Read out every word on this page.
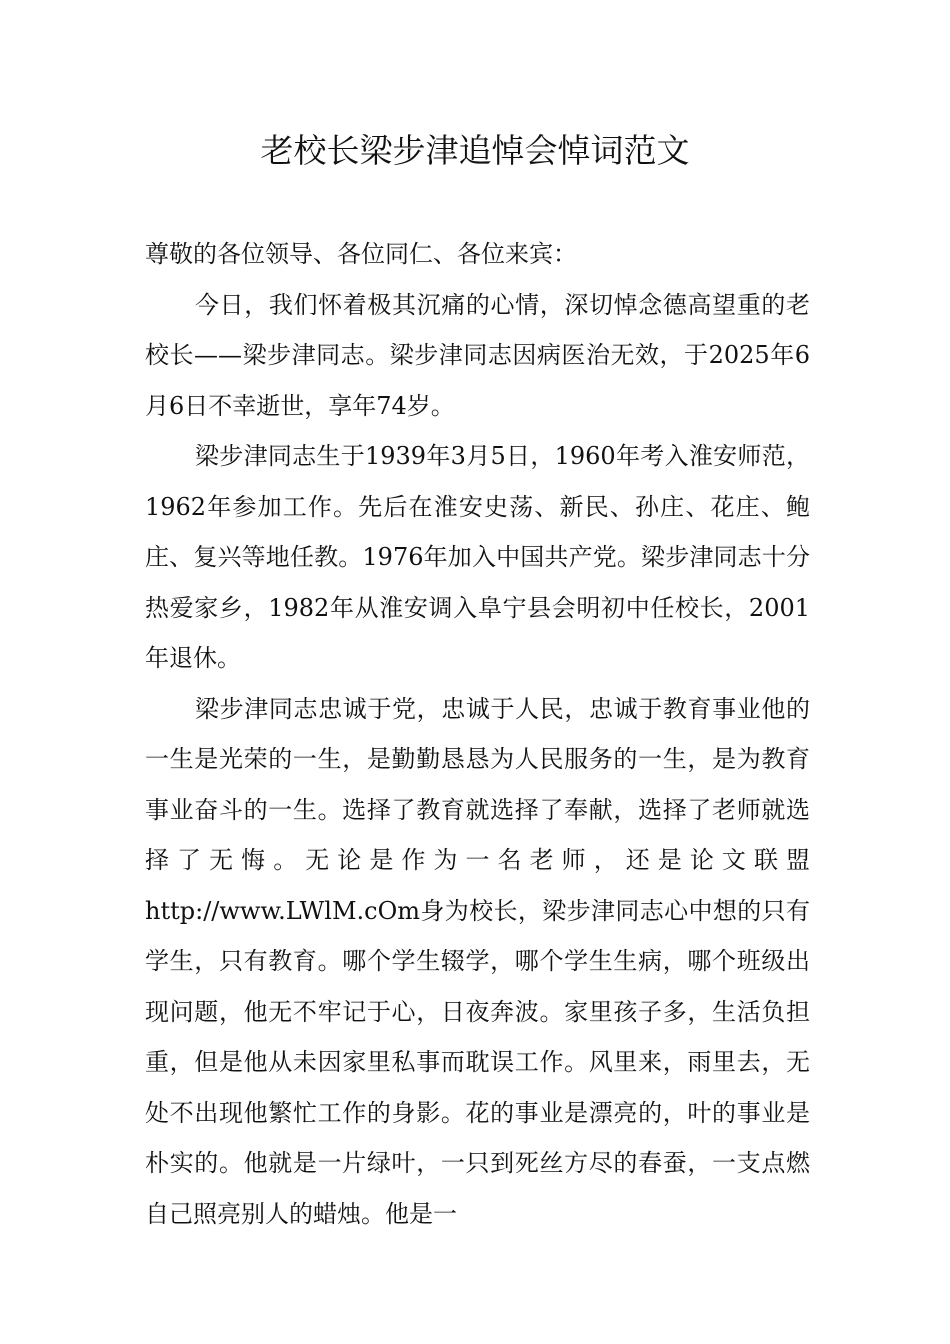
老校长梁步津追悼会悼词范文

尊敬的各位领导、各位同仁、各位来宾：

今日，我们怀着极其沉痛的心情，深切悼念德高望重的老校长——梁步津同志。梁步津同志因病医治无效，于2025年6月6日不幸逝世，享年74岁。

梁步津同志生于1939年3月5日，1960年考入淮安师范，1962年参加工作。先后在淮安史荡、新民、孙庄、花庄、鲍庄、复兴等地任教。1976年加入中国共产党。梁步津同志十分热爱家乡，1982年从淮安调入阜宁县会明初中任校长，2001年退休。

梁步津同志忠诚于党，忠诚于人民，忠诚于教育事业他的一生是光荣的一生，是勤勤恳恳为人民服务的一生，是为教育事业奋斗的一生。选择了教育就选择了奉献，选择了老师就选择了无悔。无论是作为一名老师，还是论文联盟http://www.LWlM.cOm身为校长，梁步津同志心中想的只有学生，只有教育。哪个学生辍学，哪个学生生病，哪个班级出现问题，他无不牢记于心，日夜奔波。家里孩子多，生活负担重，但是他从未因家里私事而耽误工作。风里来，雨里去，无处不出现他繁忙工作的身影。花的事业是漂亮的，叶的事业是朴实的。他就是一片绿叶，一只到死丝方尽的春蚕，一支点燃自己照亮别人的蜡烛。他是一
